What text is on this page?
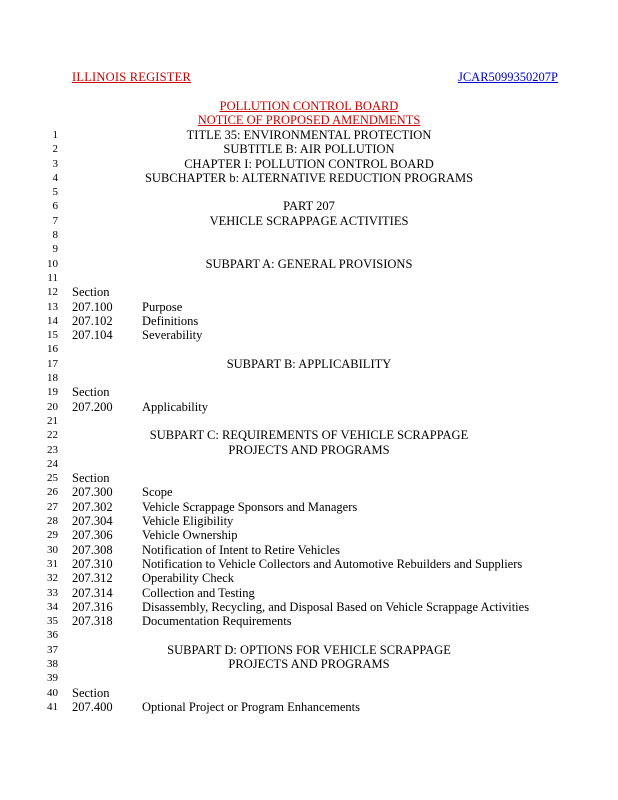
ILLINOIS REGISTER	JCAR5099350207P
POLLUTION CONTROL BOARD
NOTICE OF PROPOSED AMENDMENTS
1	TITLE 35: ENVIRONMENTAL PROTECTION
2	SUBTITLE B: AIR POLLUTION
3	CHAPTER I: POLLUTION CONTROL BOARD
4	SUBCHAPTER b: ALTERNATIVE REDUCTION PROGRAMS
5
6	PART 207
7	VEHICLE SCRAPPAGE ACTIVITIES
8
9
10	SUBPART A: GENERAL PROVISIONS
11
12 Section
13 207.100 Purpose
14 207.102 Definitions
15 207.104 Severability
16
17	SUBPART B: APPLICABILITY
18
19 Section
20 207.200 Applicability
21
22	SUBPART C: REQUIREMENTS OF VEHICLE SCRAPPAGE
23	PROJECTS AND PROGRAMS
24
25 Section
26 207.300 Scope
27 207.302 Vehicle Scrappage Sponsors and Managers
28 207.304 Vehicle Eligibility
29 207.306 Vehicle Ownership
30 207.308 Notification of Intent to Retire Vehicles
31 207.310 Notification to Vehicle Collectors and Automotive Rebuilders and Suppliers
32 207.312 Operability Check
33 207.314 Collection and Testing
34 207.316 Disassembly, Recycling, and Disposal Based on Vehicle Scrappage Activities
35 207.318 Documentation Requirements
36
37	SUBPART D: OPTIONS FOR VEHICLE SCRAPPAGE
38	PROJECTS AND PROGRAMS
39
40 Section
41 207.400 Optional Project or Program Enhancements
